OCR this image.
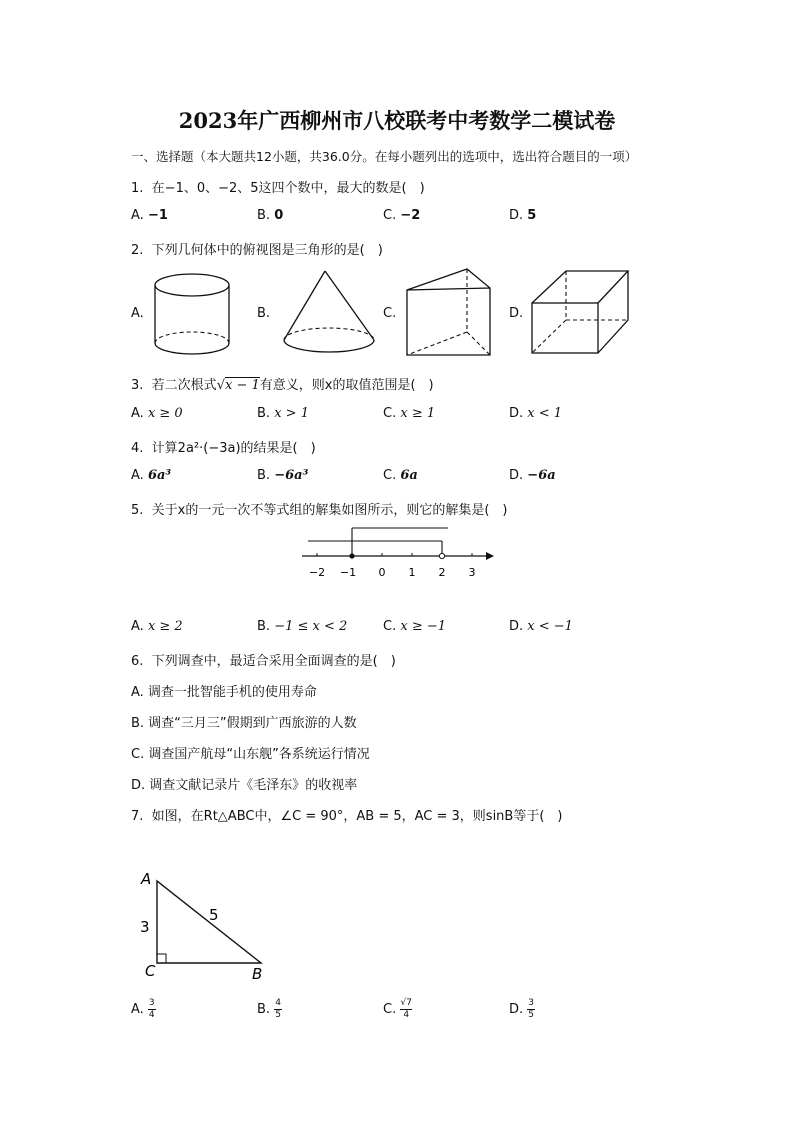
2023年广西柳州市八校联考中考数学二模试卷
一、选择题（本大题共12小题，共36.0分。在每小题列出的选项中，选出符合题目的一项）
1. 在−1、0、−2、5这四个数中，最大的数是(　)
A. −1	B. 0	C. −2	D. 5
2. 下列几何体中的俯视图是三角形的是(　)
A.	B.	C.	D.
3. 若二次根式√x − 1有意义，则x的取值范围是(　)
A. x ≥ 0	B. x > 1	C. x ≥ 1	D. x < 1
4. 计算2a²·(−3a)的结果是(　)
A. 6a³	B. −6a³	C. 6a	D. −6a
5. 关于x的一元一次不等式组的解集如图所示，则它的解集是(　)
−2 −1 0 1 2 3
A. x ≥ 2	B. −1 ≤ x < 2	C. x ≥ −1	D. x < −1
6. 下列调查中，最适合采用全面调查的是(　)
A. 调查一批智能手机的使用寿命
B. 调查“三月三”假期到广西旅游的人数
C. 调查国产航母“山东舰”各系统运行情况
D. 调查文献记录片《毛泽东》的收视率
7. 如图，在Rt△ABC中，∠C = 90°，AB = 5，AC = 3，则sinB等于(　)
A
C	B
3
5
A. $\frac{3}{4}$	B. $\frac{4}{5}$	C. $\frac{√7}{4}$	D. $\frac{3}{5}$
